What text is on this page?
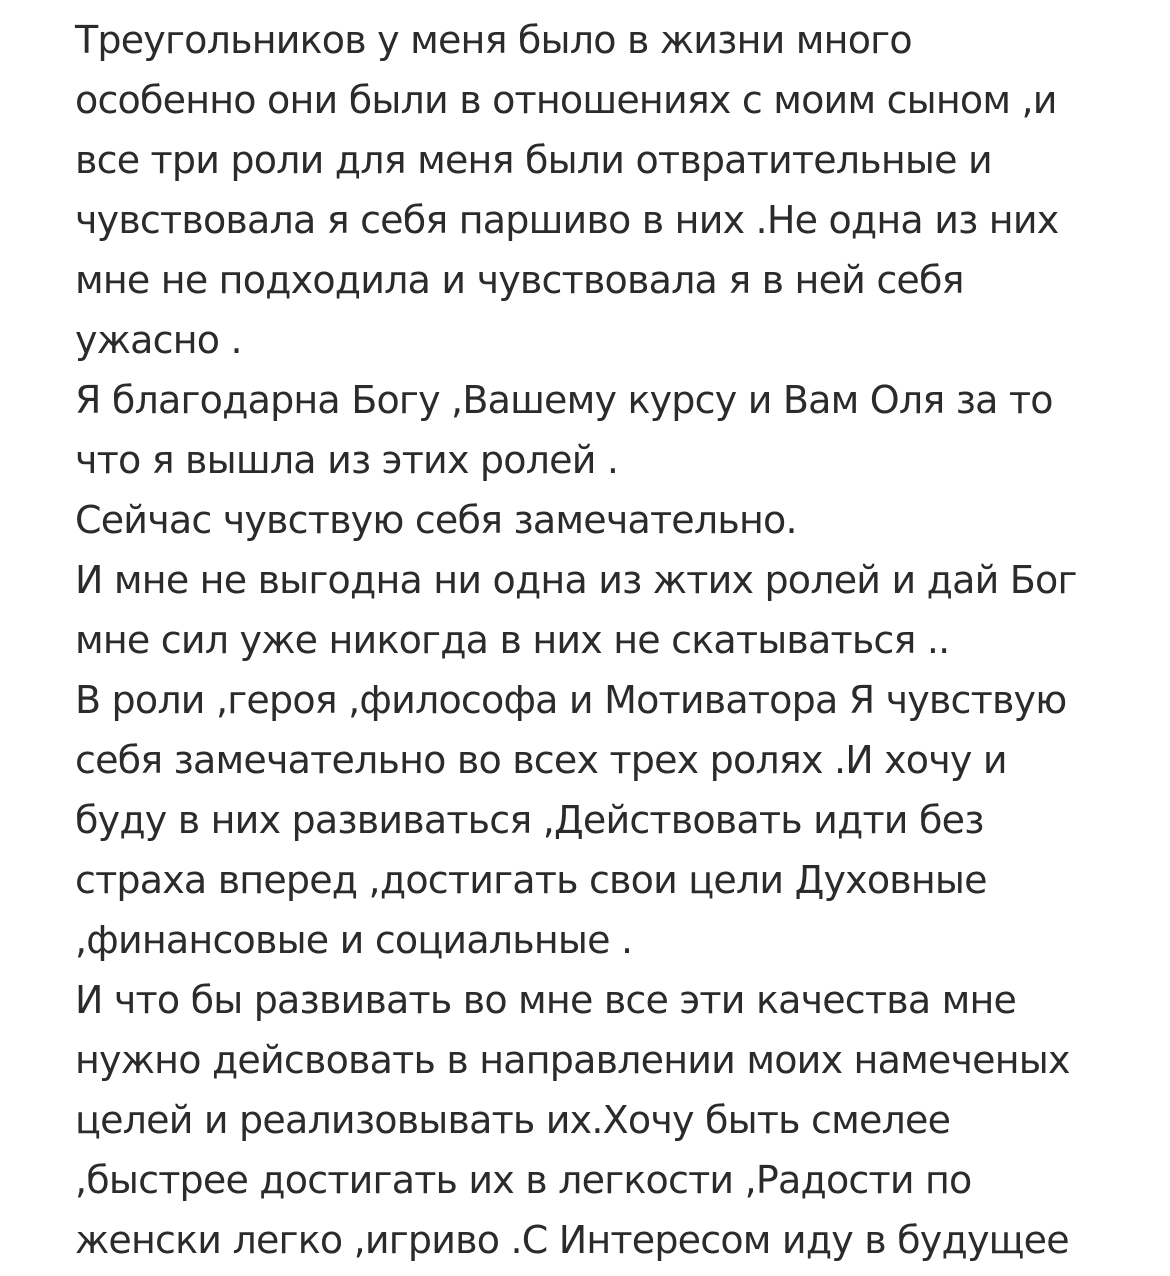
Треугольников у меня было в жизни много
особенно они были в отношениях с моим сыном ,и
все три роли для меня были отвратительные и
чувствовала я себя паршиво в них .Не одна из них
мне не подходила и чувствовала я в ней себя
ужасно .
Я благодарна Богу ,Вашему курсу и Вам Оля за то
что я вышла из этих ролей .
Сейчас чувствую себя замечательно.
И мне не выгодна ни одна из жтих ролей и дай Бог
мне сил уже никогда в них не скатываться ..
В роли ,героя ,философа и Мотиватора Я чувствую
себя замечательно во всех трех ролях .И хочу и
буду в них развиваться ,Действовать идти без
страха вперед ,достигать свои цели Духовные
,финансовые и социальные .
И что бы развивать во мне все эти качества мне
нужно дейсвовать в направлении моих намеченых
целей и реализовывать их.Хочу быть смелее
,быстрее достигать их в легкости ,Радости по
женски легко ,игриво .С Интересом иду в будущее
